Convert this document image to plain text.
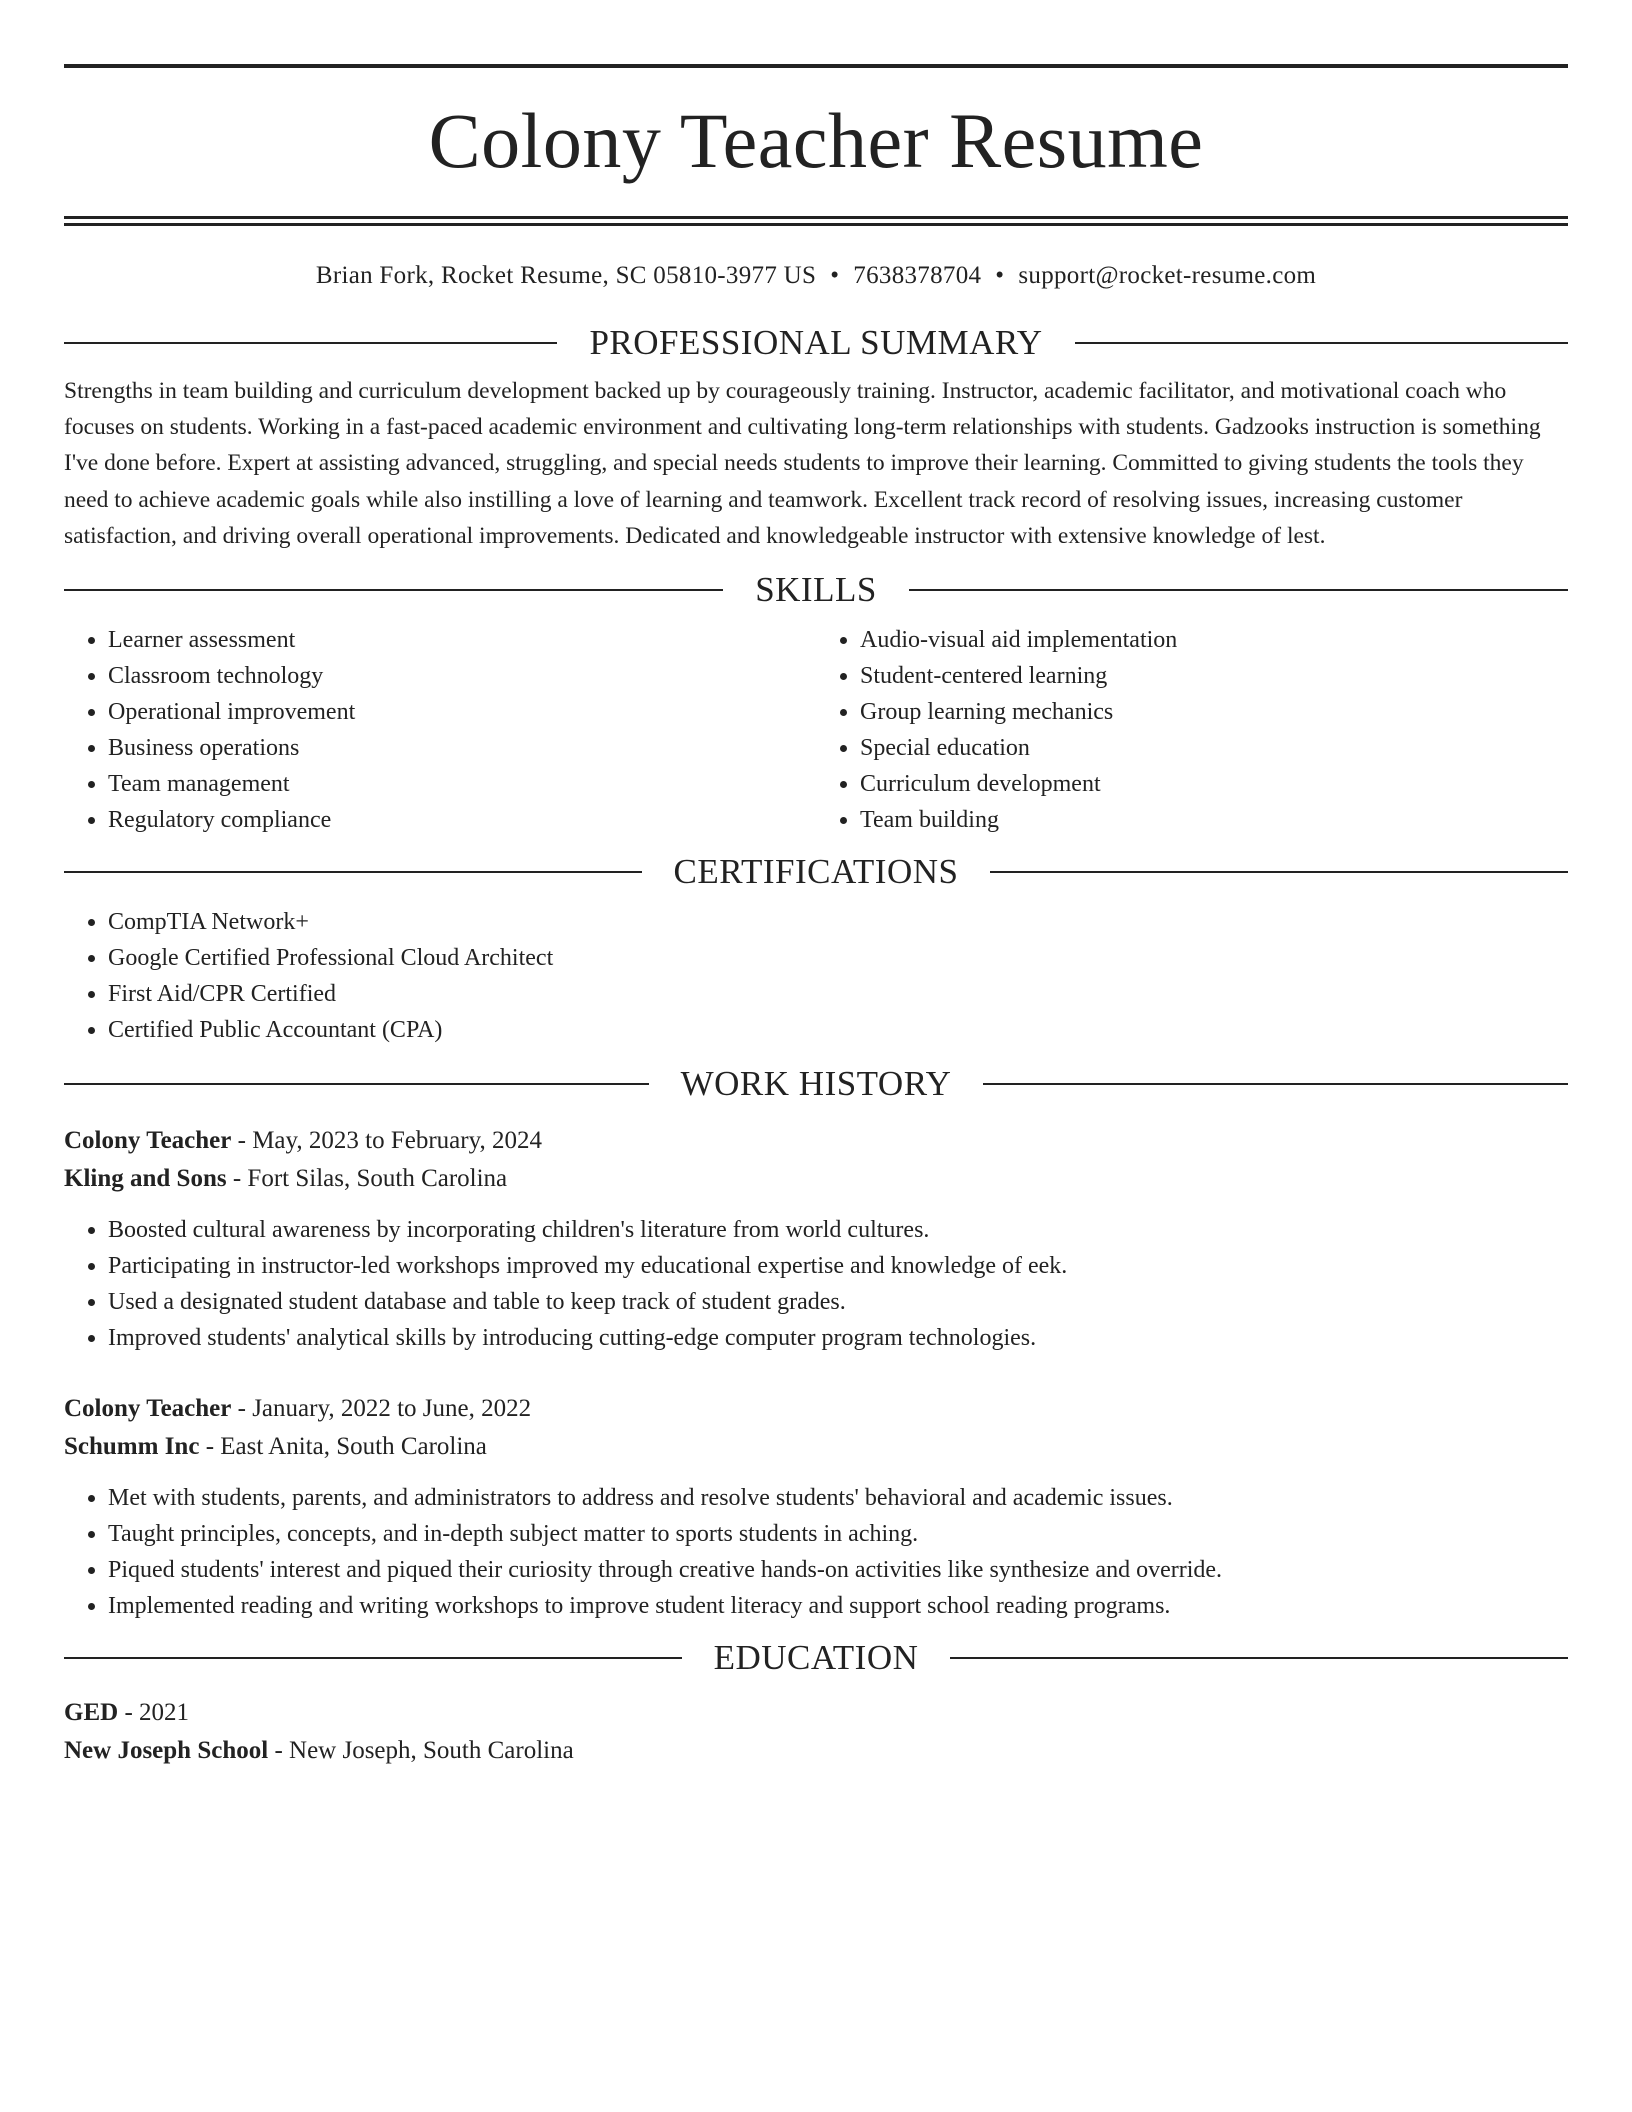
Colony Teacher Resume
Brian Fork, Rocket Resume, SC 05810-3977 US • 7638378704 • support@rocket-resume.com
PROFESSIONAL SUMMARY

Strengths in team building and curriculum development backed up by courageously training. Instructor, academic facilitator, and motivational coach who focuses on students. Working in a fast-paced academic environment and cultivating long-term relationships with students. Gadzooks instruction is something I've done before. Expert at assisting advanced, struggling, and special needs students to improve their learning. Committed to giving students the tools they need to achieve academic goals while also instilling a love of learning and teamwork. Excellent track record of resolving issues, increasing customer satisfaction, and driving overall operational improvements. Dedicated and knowledgeable instructor with extensive knowledge of lest.

SKILLS
• Learner assessment
• Classroom technology
• Operational improvement
• Business operations
• Team management
• Regulatory compliance
• Audio-visual aid implementation
• Student-centered learning
• Group learning mechanics
• Special education
• Curriculum development
• Team building
CERTIFICATIONS
• CompTIA Network+
• Google Certified Professional Cloud Architect
• First Aid/CPR Certified
• Certified Public Accountant (CPA)
WORK HISTORY
Colony Teacher - May, 2023 to February, 2024
Kling and Sons - Fort Silas, South Carolina
• Boosted cultural awareness by incorporating children's literature from world cultures.
• Participating in instructor-led workshops improved my educational expertise and knowledge of eek.
• Used a designated student database and table to keep track of student grades.
• Improved students' analytical skills by introducing cutting-edge computer program technologies.
Colony Teacher - January, 2022 to June, 2022
Schumm Inc - East Anita, South Carolina
• Met with students, parents, and administrators to address and resolve students' behavioral and academic issues.
• Taught principles, concepts, and in-depth subject matter to sports students in aching.
• Piqued students' interest and piqued their curiosity through creative hands-on activities like synthesize and override.
• Implemented reading and writing workshops to improve student literacy and support school reading programs.
EDUCATION
GED - 2021
New Joseph School - New Joseph, South Carolina
